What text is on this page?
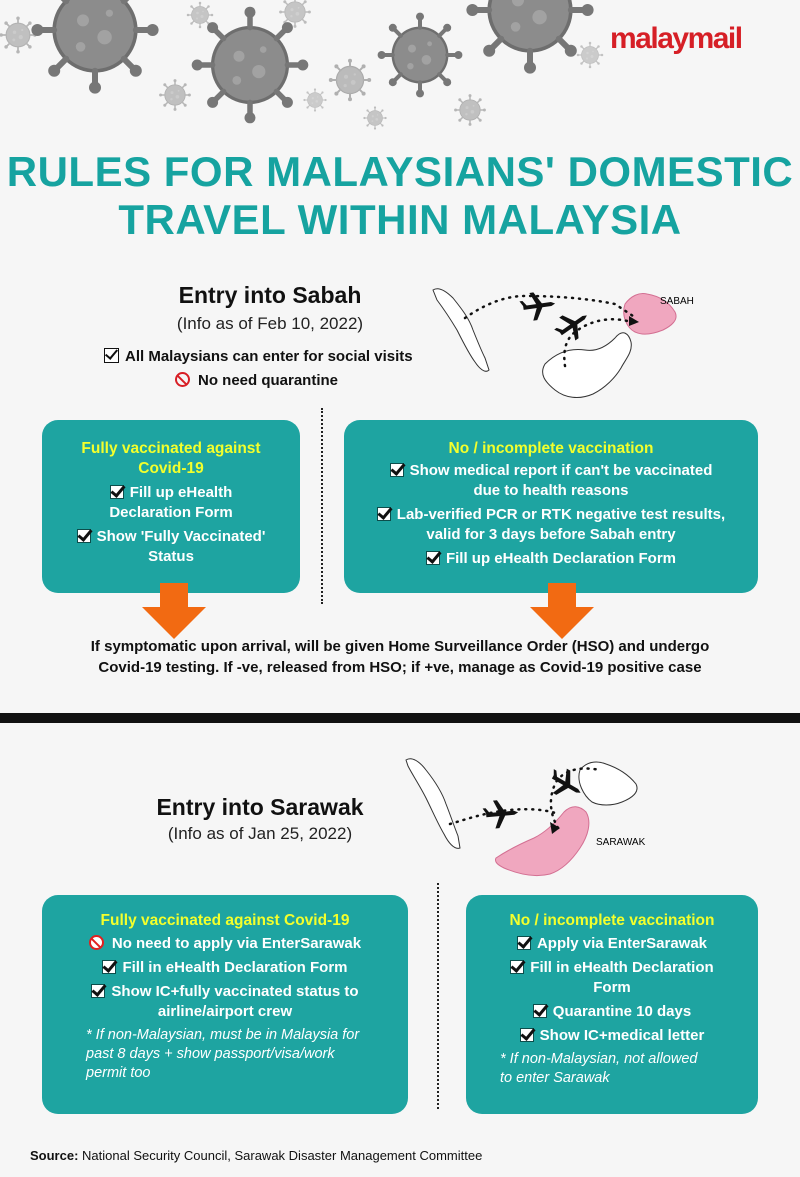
malaymail
RULES FOR MALAYSIANS' DOMESTIC
TRAVEL WITHIN MALAYSIA
Entry into Sabah
(Info as of Feb 10, 2022)
All Malaysians can enter for social visits
No need quarantine
SABAH
Fully vaccinated against
Covid-19
Fill up eHealth
Declaration Form
Show 'Fully Vaccinated'
Status
No / incomplete vaccination
Show medical report if can't be vaccinated
due to health reasons
Lab-verified PCR or RTK negative test results,
valid for 3 days before Sabah entry
Fill up eHealth Declaration Form
If symptomatic upon arrival, will be given Home Surveillance Order (HSO) and undergo
Covid-19 testing. If -ve, released from HSO; if +ve, manage as Covid-19 positive case
SARAWAK
Entry into Sarawak
(Info as of Jan 25, 2022)
Fully vaccinated against Covid-19
No need to apply via EnterSarawak
Fill in eHealth Declaration Form
Show IC+fully vaccinated status to
airline/airport crew
* If non-Malaysian, must be in Malaysia for
past 8 days + show passport/visa/work
permit too
No / incomplete vaccination
Apply via EnterSarawak
Fill in eHealth Declaration
Form
Quarantine 10 days
Show IC+medical letter
* If non-Malaysian, not allowed
to enter Sarawak
Source: National Security Council, Sarawak Disaster Management Committee
